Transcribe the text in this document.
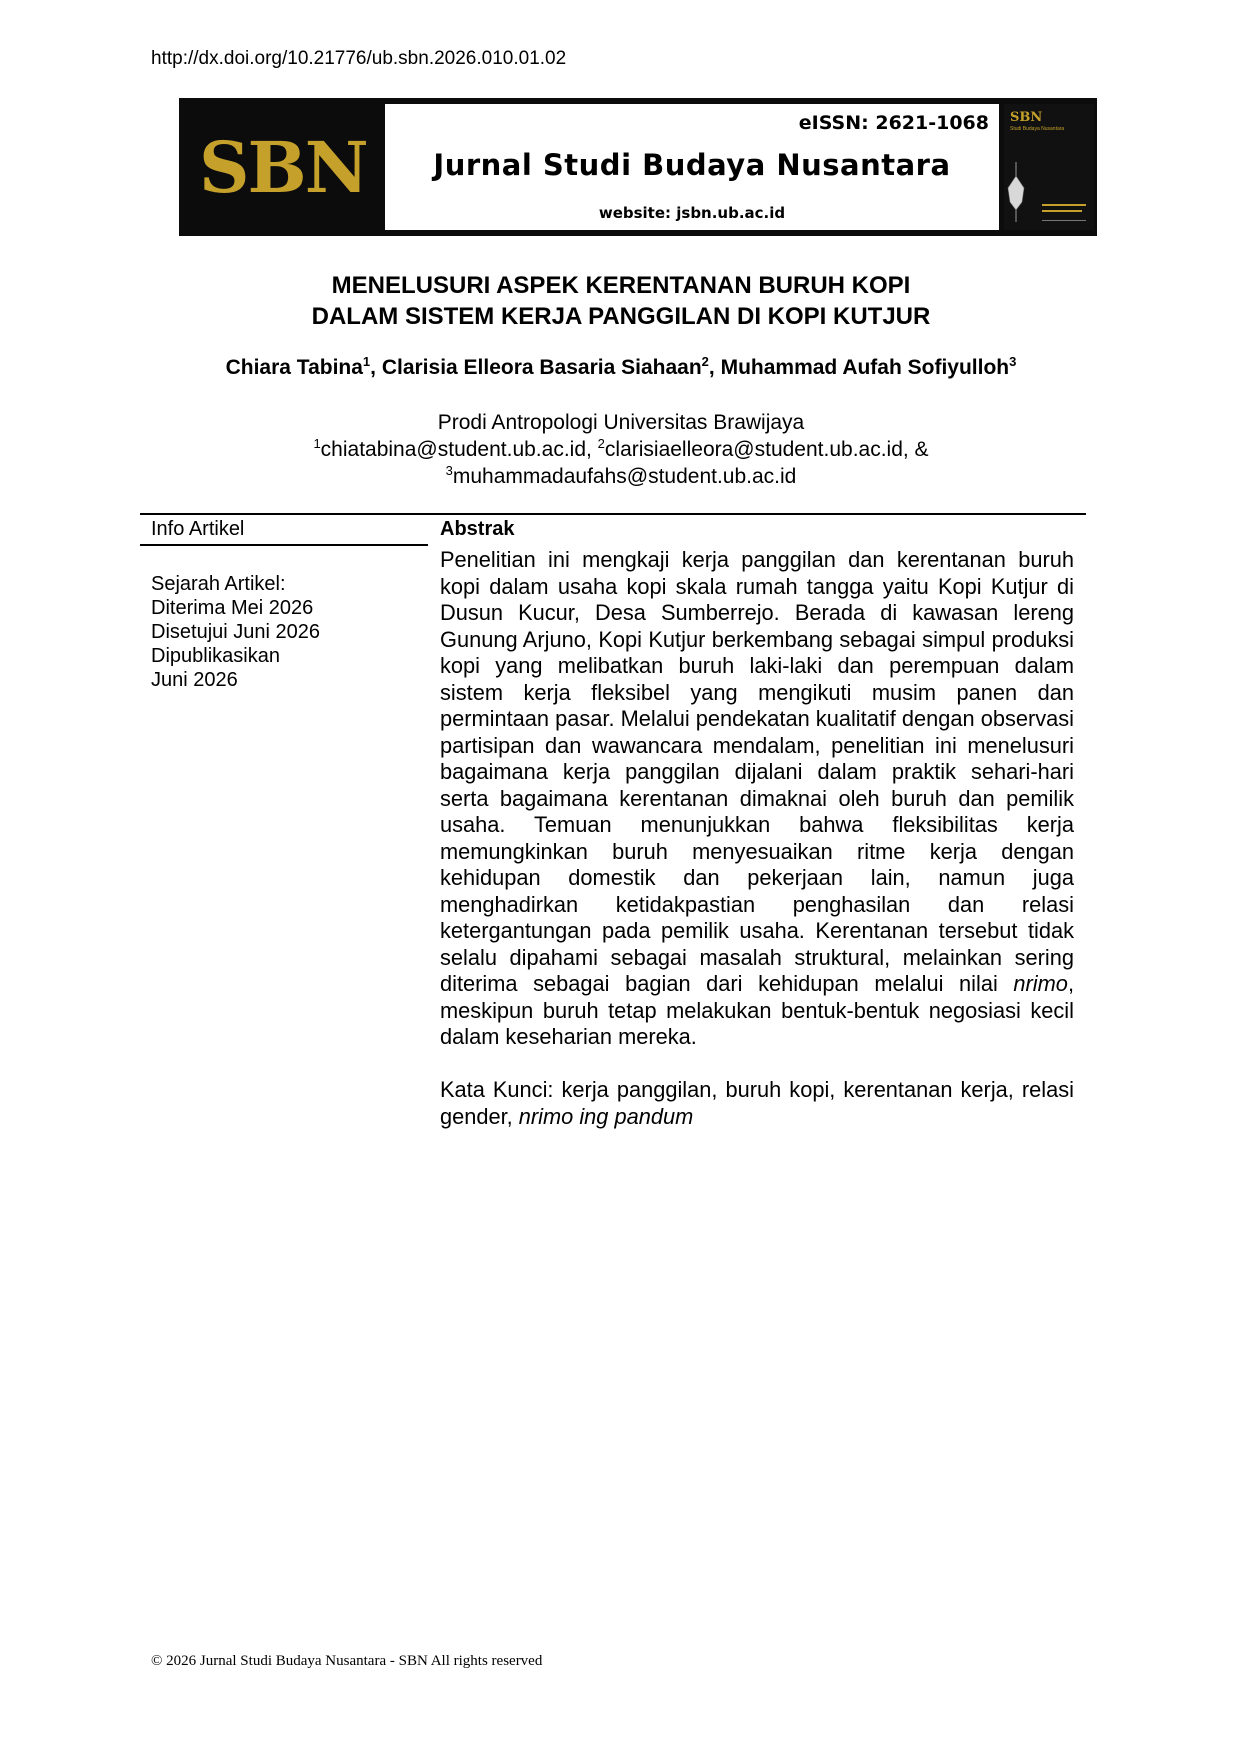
http://dx.doi.org/10.21776/ub.sbn.2026.010.01.02
SBN
eISSN: 2621-1068
Jurnal Studi Budaya Nusantara
website: jsbn.ub.ac.id
SBN
Studi Budaya Nusantara
MENELUSURI ASPEK KERENTANAN BURUH KOPI
DALAM SISTEM KERJA PANGGILAN DI KOPI KUTJUR
Chiara Tabina$^1$, Clarisia Elleora Basaria Siahaan$^2$, Muhammad Aufah Sofiyulloh$^3$
Prodi Antropologi Universitas Brawijaya
$^1$chiatabina@student.ub.ac.id, $^2$clarisiaelleora@student.ub.ac.id, &
$^3$muhammadaufahs@student.ub.ac.id
Info Artikel
Sejarah Artikel:
Diterima Mei 2026
Disetujui Juni 2026
Dipublikasikan
Juni 2026
Abstrak
Penelitian ini mengkaji kerja panggilan dan kerentanan buruh kopi dalam usaha kopi skala rumah tangga yaitu Kopi Kutjur di Dusun Kucur, Desa Sumberrejo. Berada di kawasan lereng Gunung Arjuno, Kopi Kutjur berkembang sebagai simpul produksi kopi yang melibatkan buruh laki-laki dan perempuan dalam sistem kerja fleksibel yang mengikuti musim panen dan permintaan pasar. Melalui pendekatan kualitatif dengan observasi partisipan dan wawancara mendalam, penelitian ini menelusuri bagaimana kerja panggilan dijalani dalam praktik sehari-hari serta bagaimana kerentanan dimaknai oleh buruh dan pemilik usaha. Temuan menunjukkan bahwa fleksibilitas kerja memungkinkan buruh menyesuaikan ritme kerja dengan kehidupan domestik dan pekerjaan lain, namun juga menghadirkan ketidakpastian penghasilan dan relasi ketergantungan pada pemilik usaha. Kerentanan tersebut tidak selalu dipahami sebagai masalah struktural, melainkan sering diterima sebagai bagian dari kehidupan melalui nilai nrimo, meskipun buruh tetap melakukan bentuk-bentuk negosiasi kecil dalam keseharian mereka.
Kata Kunci: kerja panggilan, buruh kopi, kerentanan kerja, relasi gender, nrimo ing pandum
© 2026 Jurnal Studi Budaya Nusantara - SBN All rights reserved
